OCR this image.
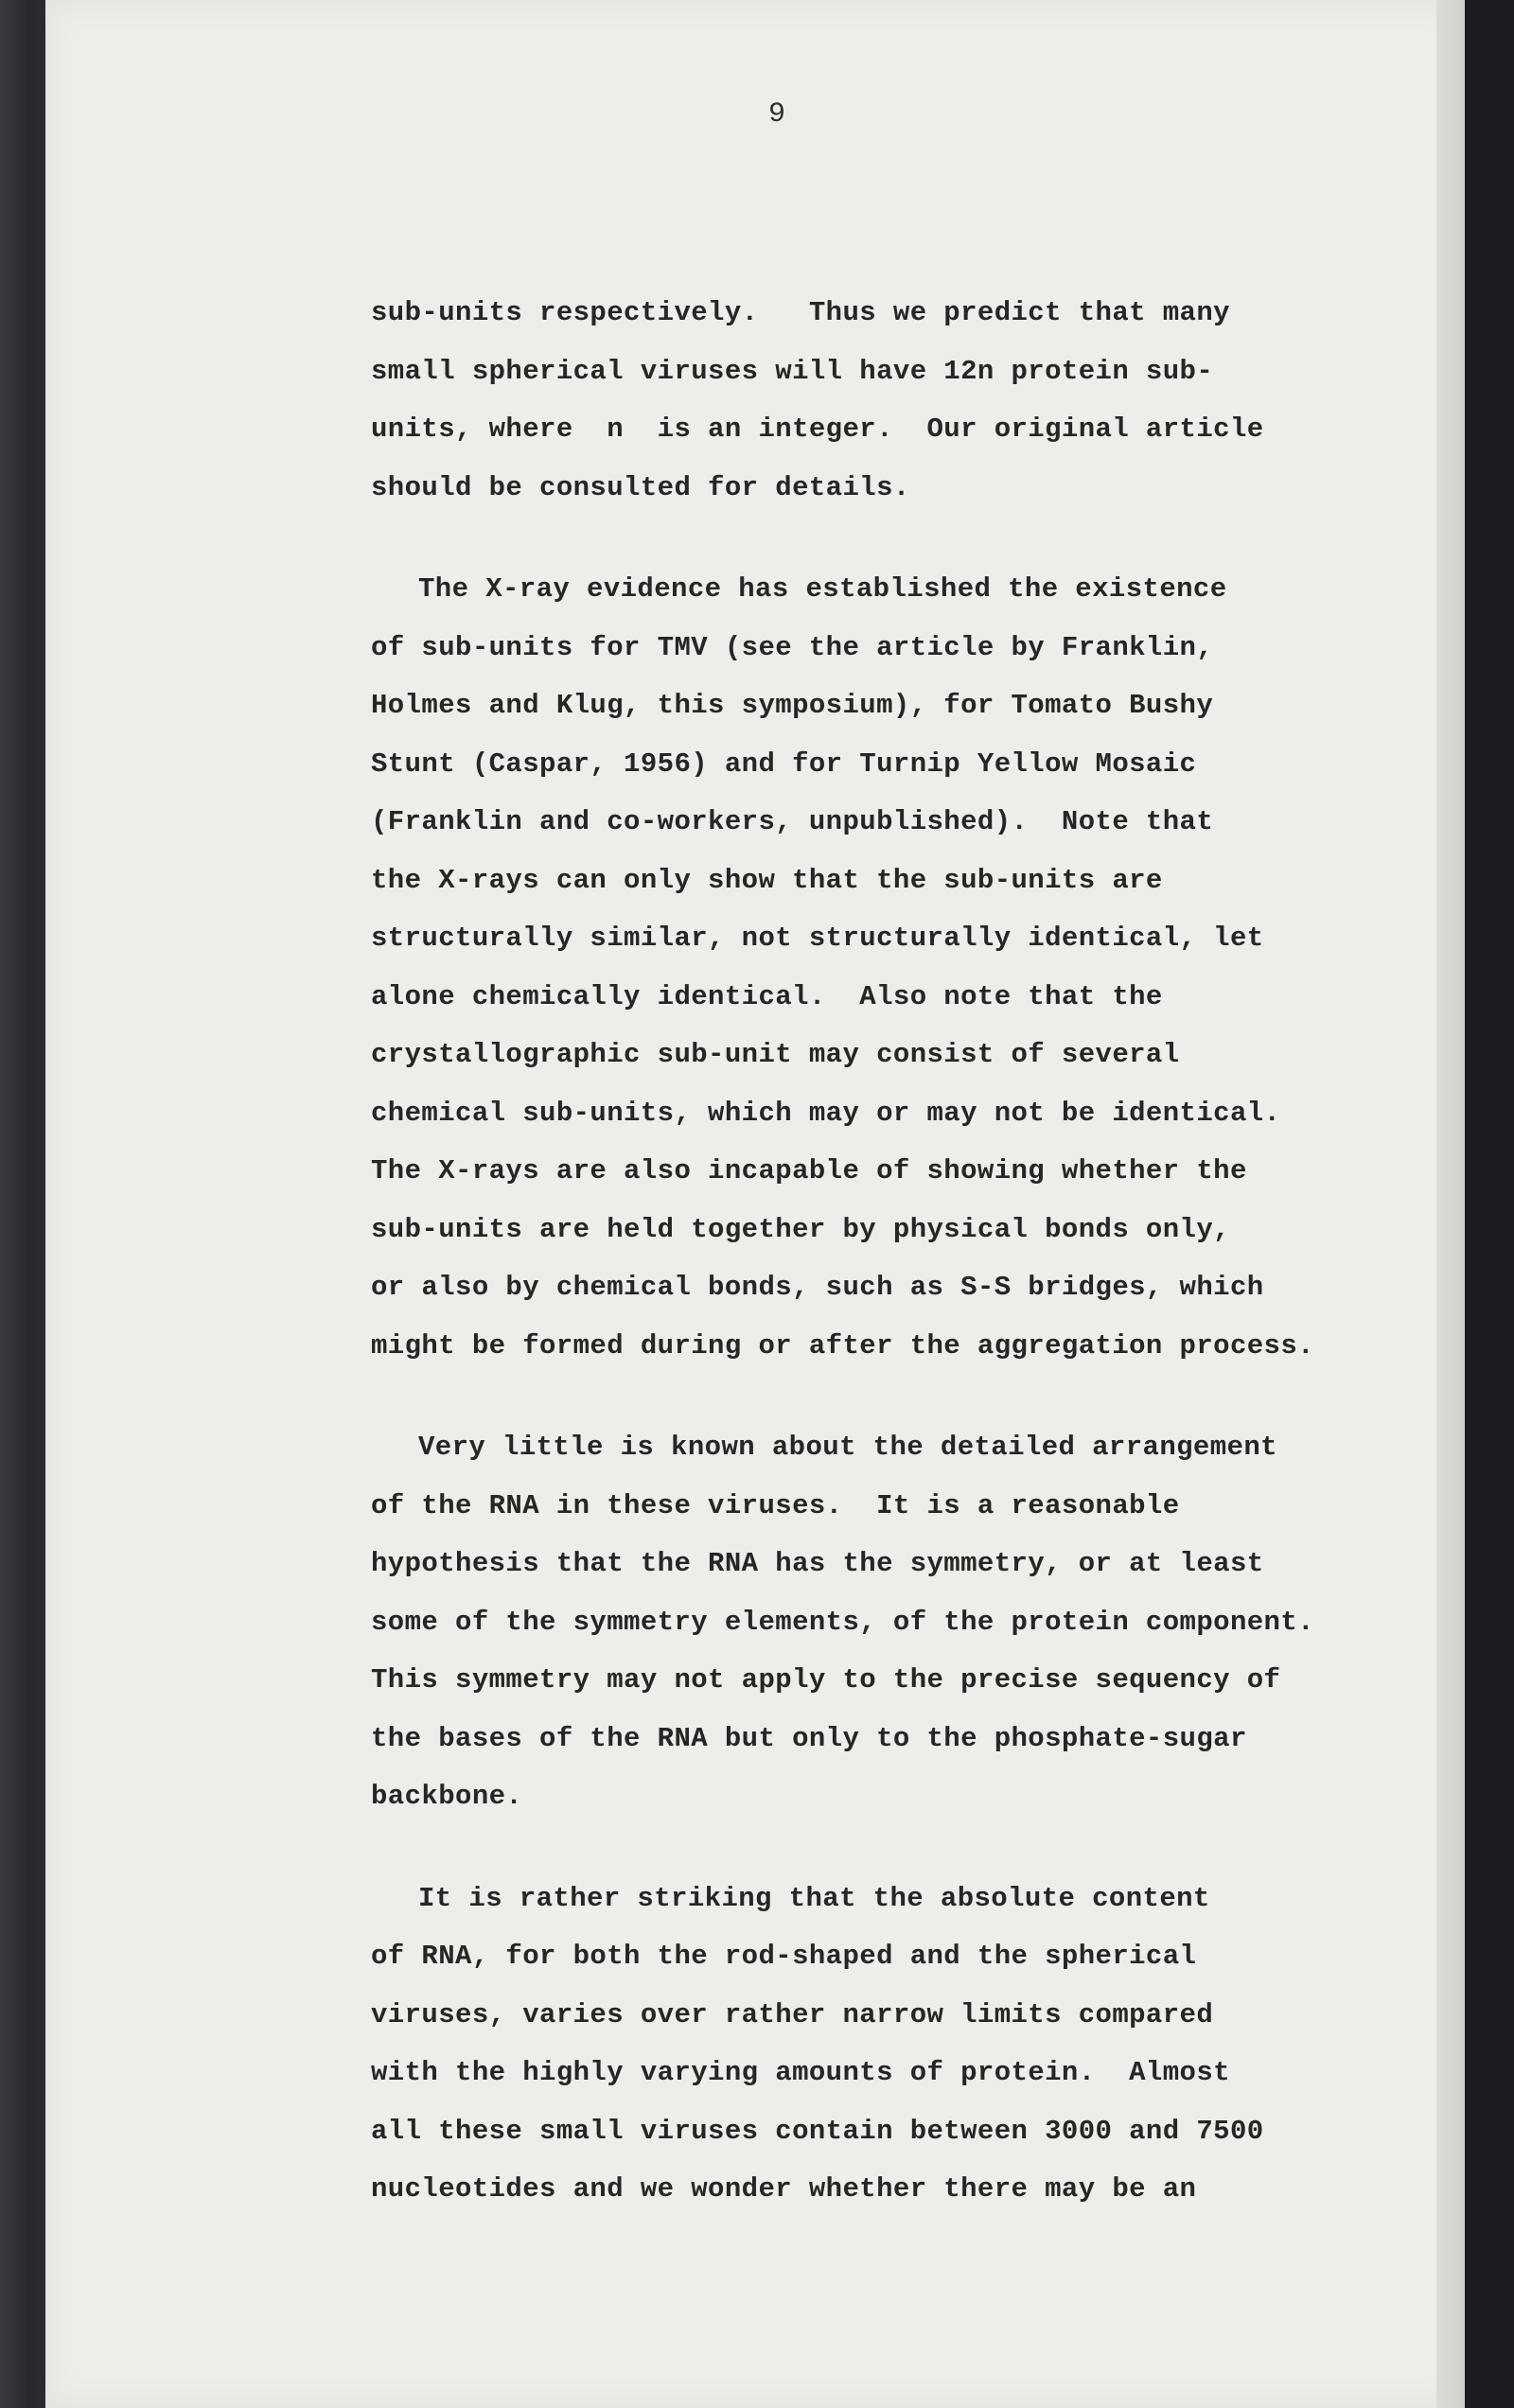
9
sub-units respectively.   Thus we predict that many
small spherical viruses will have 12n protein sub-
units, where  n  is an integer.  Our original article
should be consulted for details.
The X-ray evidence has established the existence
of sub-units for TMV (see the article by Franklin,
Holmes and Klug, this symposium), for Tomato Bushy
Stunt (Caspar, 1956) and for Turnip Yellow Mosaic
(Franklin and co-workers, unpublished).  Note that
the X-rays can only show that the sub-units are
structurally similar, not structurally identical, let
alone chemically identical.  Also note that the
crystallographic sub-unit may consist of several
chemical sub-units, which may or may not be identical.
The X-rays are also incapable of showing whether the
sub-units are held together by physical bonds only,
or also by chemical bonds, such as S-S bridges, which
might be formed during or after the aggregation process.
Very little is known about the detailed arrangement
of the RNA in these viruses.  It is a reasonable
hypothesis that the RNA has the symmetry, or at least
some of the symmetry elements, of the protein component.
This symmetry may not apply to the precise sequency of
the bases of the RNA but only to the phosphate-sugar
backbone.
It is rather striking that the absolute content
of RNA, for both the rod-shaped and the spherical
viruses, varies over rather narrow limits compared
with the highly varying amounts of protein.  Almost
all these small viruses contain between 3000 and 7500
nucleotides and we wonder whether there may be an
